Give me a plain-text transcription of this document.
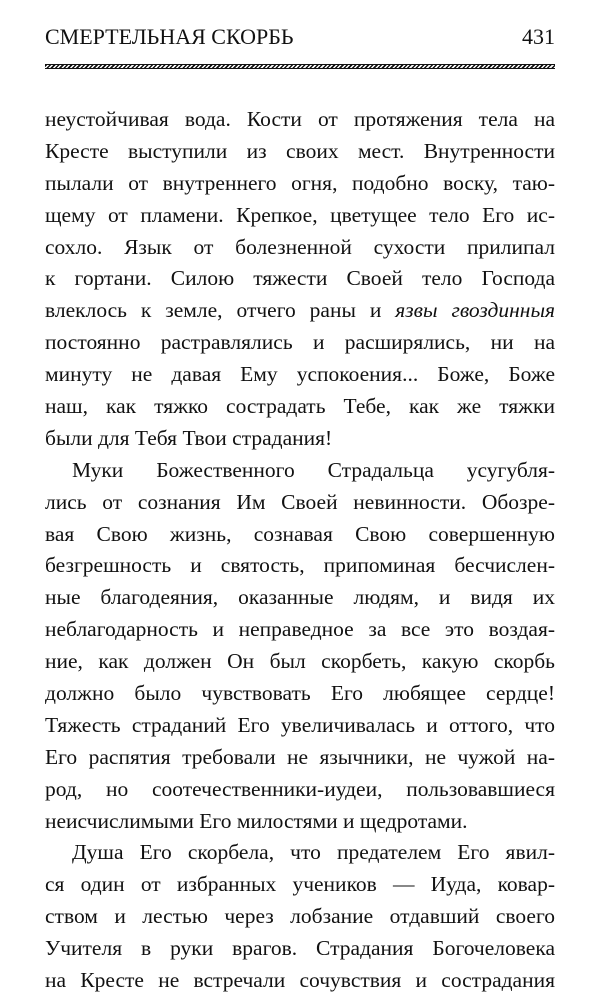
СМЕРТЕЛЬНАЯ СКОРБЬ	431
неустойчивая вода. Кости от протяжения тела на
Кресте выступили из своих мест. Внутренности
пылали от внутреннего огня, подобно воску, таю-
щему от пламени. Крепкое, цветущее тело Его ис-
сохло. Язык от болезненной сухости прилипал
к гортани. Силою тяжести Своей тело Господа
влеклось к земле, отчего раны и язвы гвоздинныя
постоянно растравлялись и расширялись, ни на
минуту не давая Ему успокоения... Боже, Боже
наш, как тяжко сострадать Тебе, как же тяжки
были для Тебя Твои страдания!
Муки Божественного Страдальца усугубля-
лись от сознания Им Своей невинности. Обозре-
вая Свою жизнь, сознавая Свою совершенную
безгрешность и святость, припоминая бесчислен-
ные благодеяния, оказанные людям, и видя их
неблагодарность и неправедное за все это воздая-
ние, как должен Он был скорбеть, какую скорбь
должно было чувствовать Его любящее сердце!
Тяжесть страданий Его увеличивалась и оттого, что
Его распятия требовали не язычники, не чужой на-
род, но соотечественники-иудеи, пользовавшиеся
неисчислимыми Его милостями и щедротами.
Душа Его скорбела, что предателем Его явил-
ся один от избранных учеников — Иуда, ковар-
ством и лестью через лобзание отдавший своего
Учителя в руки врагов. Страдания Богочеловека
на Кресте не встречали сочувствия и сострадания
